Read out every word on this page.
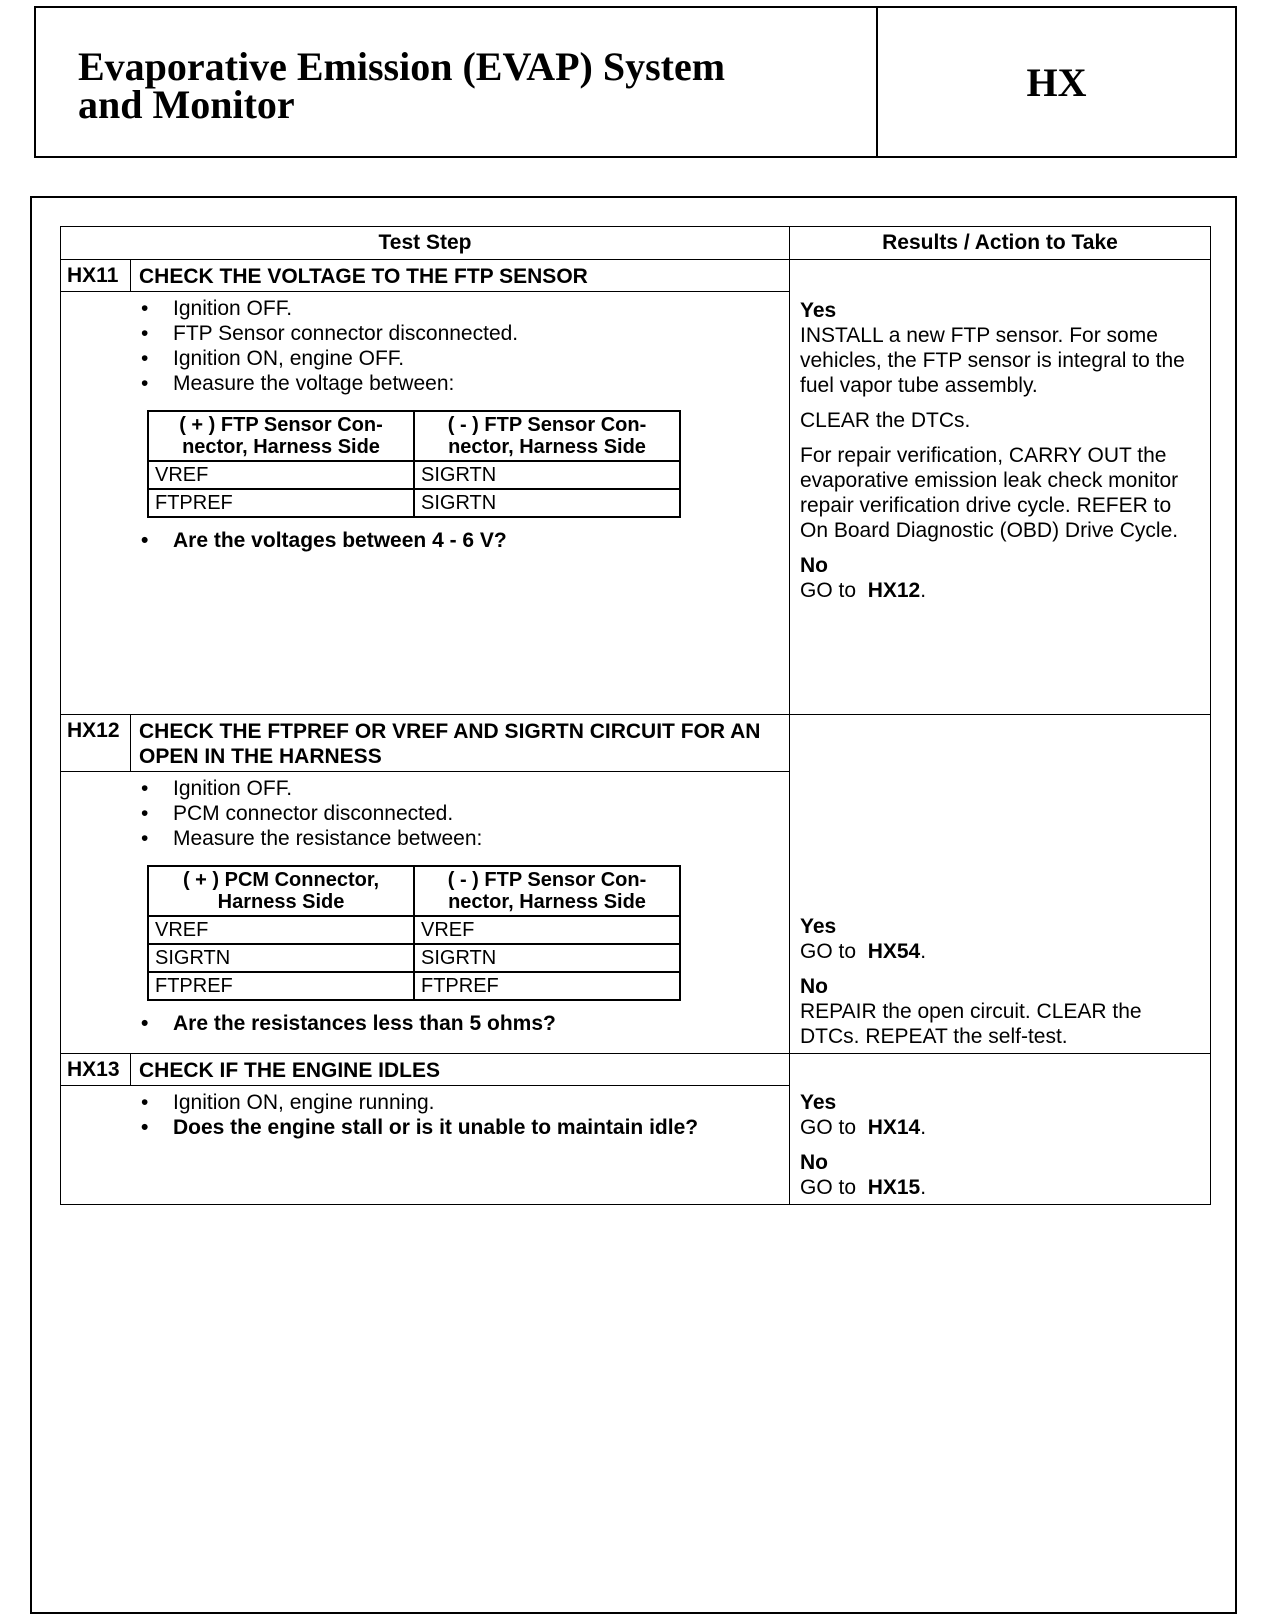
Evaporative Emission (EVAP) System
and Monitor	HX
Test Step	Results / Action to Take

HX11 CHECK THE VOLTAGE TO THE FTP SENSOR
• Ignition OFF.
• FTP Sensor connector disconnected.
• Ignition ON, engine OFF.
• Measure the voltage between:
( + ) FTP Sensor Con-nector, Harness Side	( - ) FTP Sensor Con-nector, Harness Side
VREF	SIGRTN
FTPREF	SIGRTN
• Are the voltages between 4 - 6 V?

Yes
INSTALL a new FTP sensor. For some vehicles, the FTP sensor is integral to the fuel vapor tube assembly.

CLEAR the DTCs.

For repair verification, CARRY OUT the evaporative emission leak check monitor repair verification drive cycle. REFER to On Board Diagnostic (OBD) Drive Cycle.

No
GO to HX12.

HX12 CHECK THE FTPREF OR VREF AND SIGRTN CIRCUIT FOR AN OPEN IN THE HARNESS
• Ignition OFF.
• PCM connector disconnected.
• Measure the resistance between:
( + ) PCM Connector, Harness Side	( - ) FTP Sensor Con-nector, Harness Side
VREF	VREF
SIGRTN	SIGRTN
FTPREF	FTPREF
• Are the resistances less than 5 ohms?

Yes
GO to HX54.

No
REPAIR the open circuit. CLEAR the DTCs. REPEAT the self-test.

HX13 CHECK IF THE ENGINE IDLES
• Ignition ON, engine running.
• Does the engine stall or is it unable to maintain idle?

Yes
GO to HX14.

No
GO to HX15.
